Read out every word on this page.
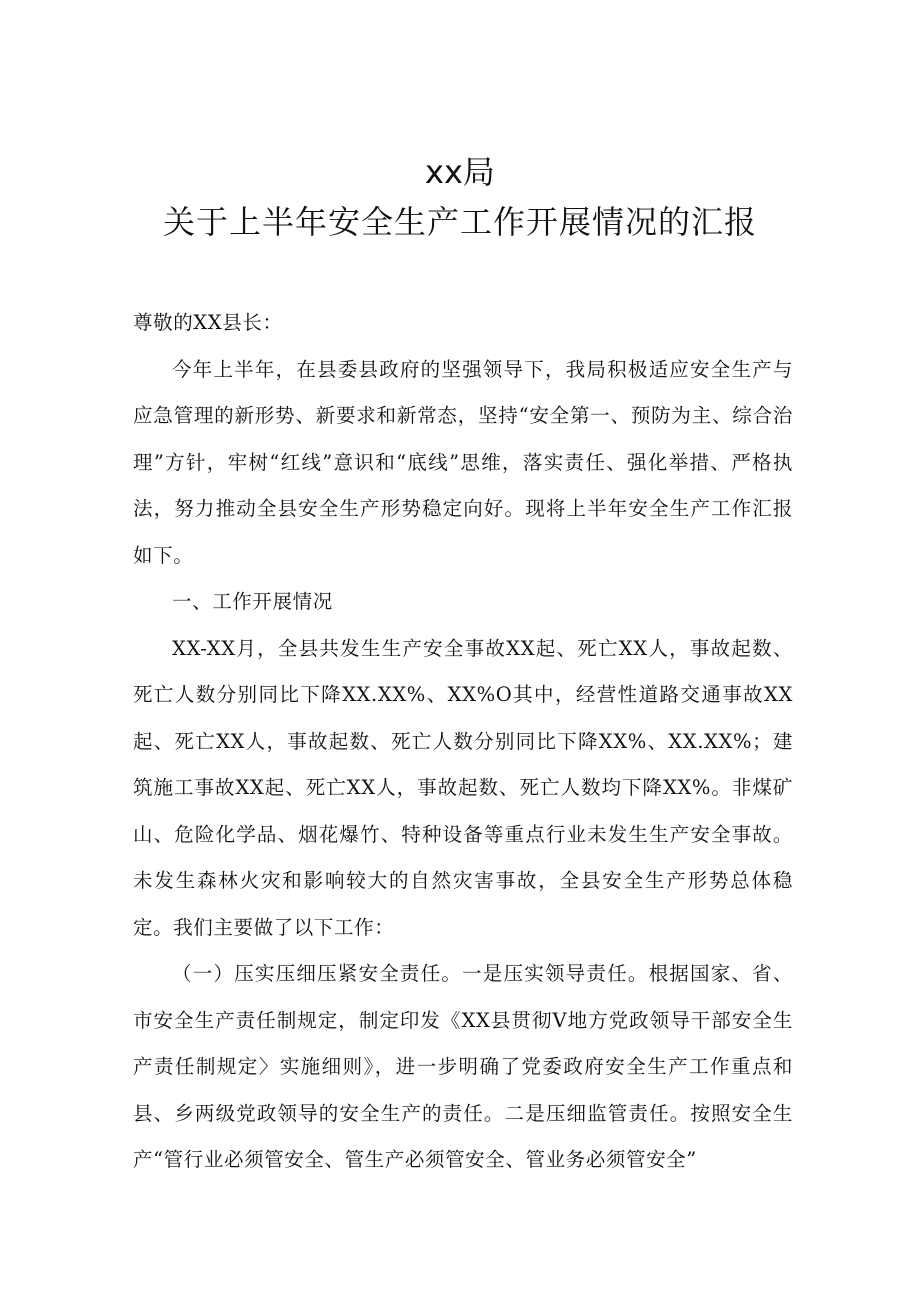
xx局
关于上半年安全生产工作开展情况的汇报

尊敬的XX县长：

今年上半年，在县委县政府的坚强领导下，我局积极适应安全生产与应急管理的新形势、新要求和新常态，坚持“安全第一、预防为主、综合治理”方针，牢树“红线”意识和“底线”思维，落实责任、强化举措、严格执法，努力推动全县安全生产形势稳定向好。现将上半年安全生产工作汇报如下。

一、工作开展情况

XX-XX月，全县共发生生产安全事故XX起、死亡XX人，事故起数、死亡人数分别同比下降XX.XX%、XX%O其中，经营性道路交通事故XX起、死亡XX人，事故起数、死亡人数分别同比下降XX%、XX.XX%；建筑施工事故XX起、死亡XX人，事故起数、死亡人数均下降XX%。非煤矿山、危险化学品、烟花爆竹、特种设备等重点行业未发生生产安全事故。未发生森林火灾和影响较大的自然灾害事故，全县安全生产形势总体稳定。我们主要做了以下工作：

（一）压实压细压紧安全责任。一是压实领导责任。根据国家、省、市安全生产责任制规定，制定印发《XX县贯彻V地方党政领导干部安全生产责任制规定〉实施细则》，进一步明确了党委政府安全生产工作重点和县、乡两级党政领导的安全生产的责任。二是压细监管责任。按照安全生产“管行业必须管安全、管生产必须管安全、管业务必须管安全”
